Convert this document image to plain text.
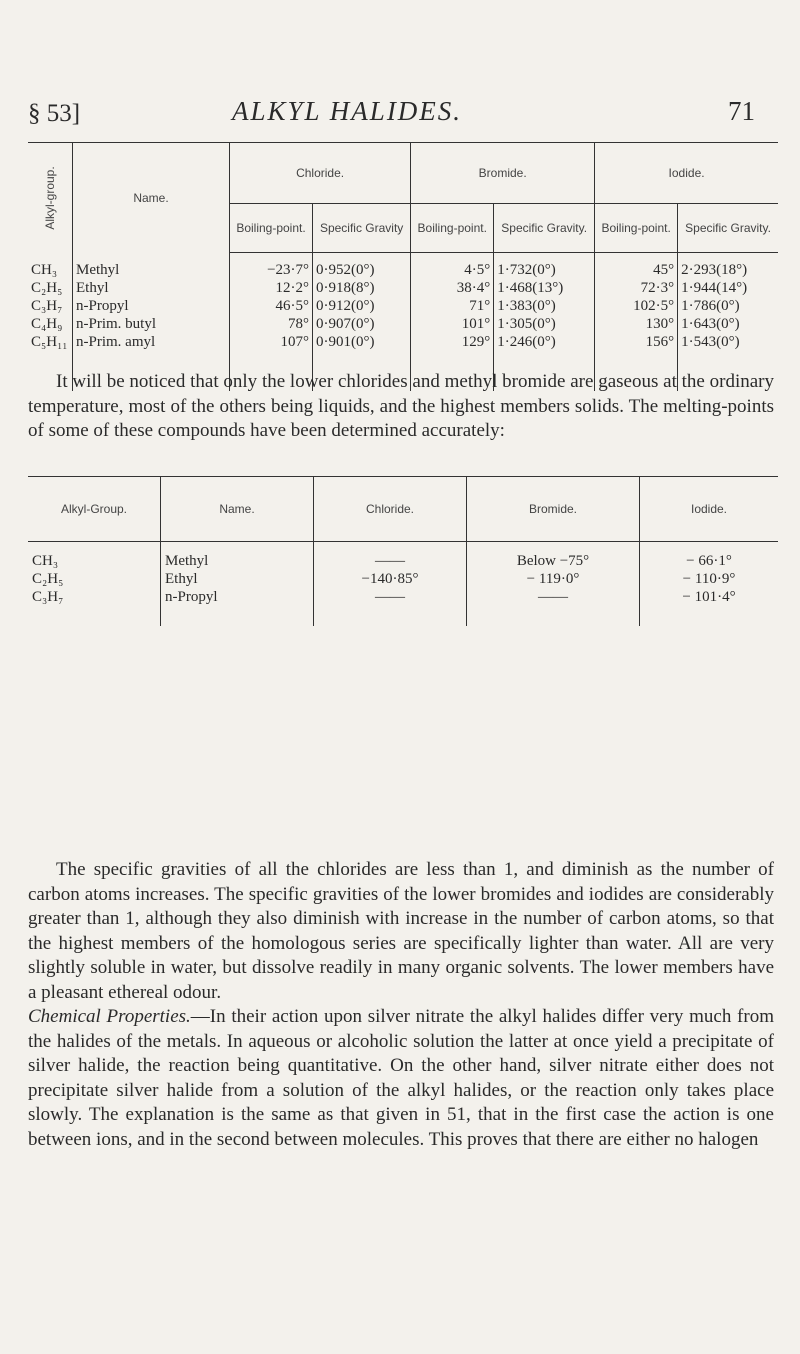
§ 53]	ALKYL HALIDES.	71
Alkyl-group.	Name.	Chloride.		Bromide.		Iodide.	
		Boiling-point.	Specific Gravity	Boiling-point.	Specific Gravity.	Boiling-point.	Specific Gravity.
CH₃	Methyl	−23·7°	0·952(0°)	4·5°	1·732(0°)	45°	2·293(18°)
C₂H₅	Ethyl	12·2°	0·918(8°)	38·4°	1·468(13°)	72·3°	1·944(14°)
C₃H₇	n-Propyl	46·5°	0·912(0°)	71°	1·383(0°)	102·5°	1·786(0°)
C₄H₉	n-Prim. butyl	78°	0·907(0°)	101°	1·305(0°)	130°	1·643(0°)
C₅H₁₁	n-Prim. amyl	107°	0·901(0°)	129°	1·246(0°)	156°	1·543(0°)

It will be noticed that only the lower chlorides and methyl bromide are gaseous at the ordinary temperature, most of the others being liquids, and the highest members solids. The melting-points of some of these compounds have been determined accurately:

Alkyl-Group.	Name.	Chloride.	Bromide.	Iodide.
CH₃	Methyl	——	Below −75°	− 66·1°
C₂H₅	Ethyl	−140·85°	− 119·0°	− 110·9°
C₃H₇	n-Propyl	——	——	− 101·4°

The specific gravities of all the chlorides are less than 1, and diminish as the number of carbon atoms increases. The specific gravities of the lower bromides and iodides are considerably greater than 1, although they also diminish with increase in the number of carbon atoms, so that the highest members of the homologous series are specifically lighter than water. All are very slightly soluble in water, but dissolve readily in many organic solvents. The lower members have a pleasant ethereal odour.
Chemical Properties.—In their action upon silver nitrate the alkyl halides differ very much from the halides of the metals. In aqueous or alcoholic solution the latter at once yield a precipitate of silver halide, the reaction being quantitative. On the other hand, silver nitrate either does not precipitate silver halide from a solution of the alkyl halides, or the reaction only takes place slowly. The explanation is the same as that given in 51, that in the first case the action is one between ions, and in the second between molecules. This proves that there are either no halogen
